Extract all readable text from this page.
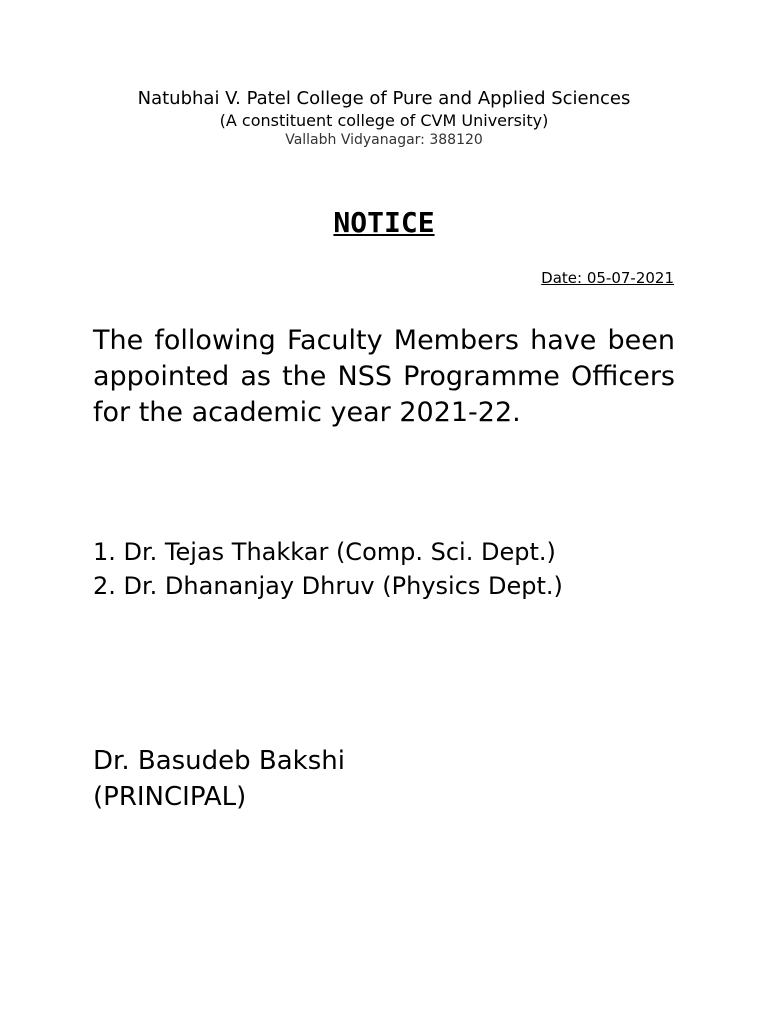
Natubhai V. Patel College of Pure and Applied Sciences
(A constituent college of CVM University)
Vallabh Vidyanagar: 388120
NOTICE
Date: 05-07-2021
The following Faculty Members have been appointed as the NSS Programme Officers for the academic year 2021-22.
1. Dr. Tejas Thakkar (Comp. Sci. Dept.)
2. Dr. Dhananjay Dhruv (Physics Dept.)
Dr. Basudeb Bakshi
(PRINCIPAL)
